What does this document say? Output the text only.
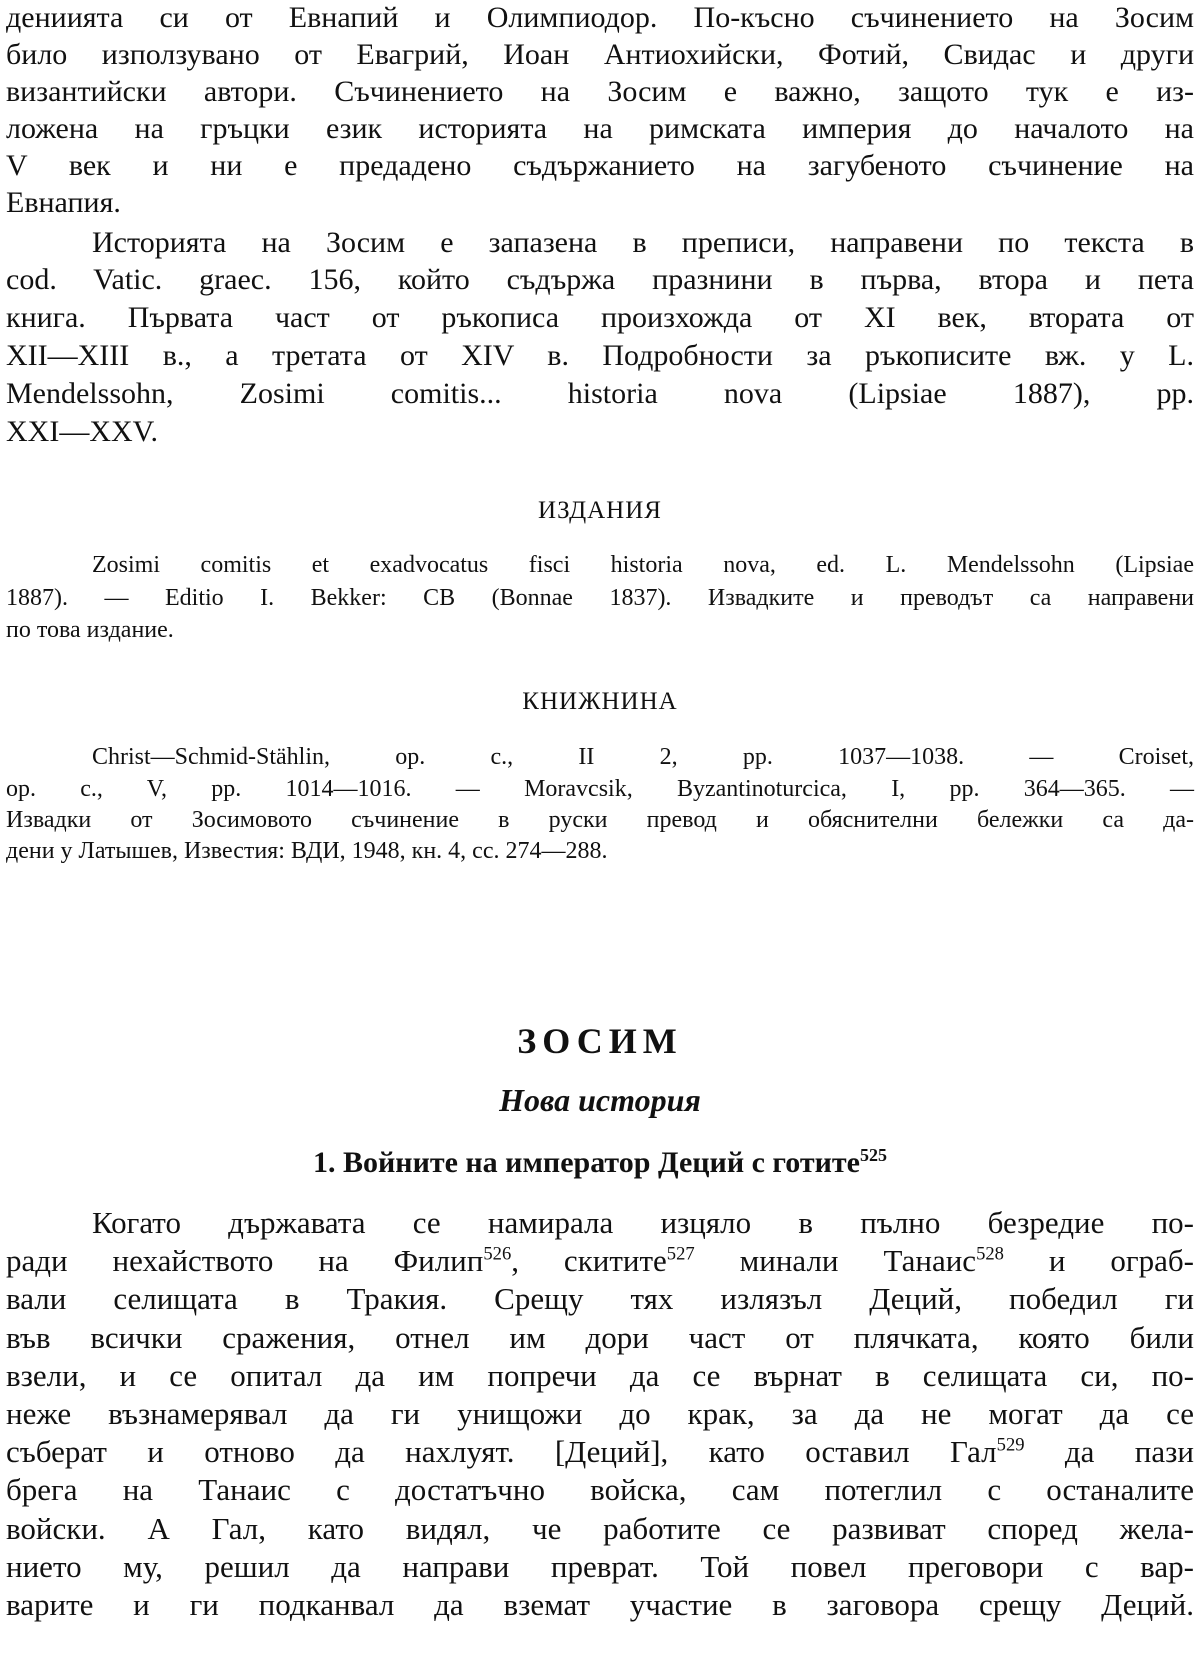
дениията си от Евнапий и Олимпиодор. По-късно съчинението на Зосим
било използувано от Евагрий, Иоан Антиохийски, Фотий, Свидас и други
византийски автори. Съчинението на Зосим е важно, защото тук е из-
ложена на гръцки език историята на римската империя до началото на
V век и ни е предадено съдържанието на загубеното съчинение на
Евнапия.
Историята на Зосим е запазена в преписи, направени по текста в
cod. Vatic. graec. 156, който съдържа празнини в първа, втора и пета
книга. Първата част от ръкописа произхожда от XI век, втората от
XII—XIII в., а третата от XIV в. Подробности за ръкописите вж. у L.
Mendelssohn, Zosimi comitis... historia nova (Lipsiae 1887), pp.
XXI—XXV.
ИЗДАНИЯ
Zosimi comitis et exadvocatus fisci historia nova, ed. L. Mendelssohn (Lipsiae
1887). — Editio I. Bekker: CB (Bonnae 1837). Извадките и преводът са направени
по това издание.
КНИЖНИНА
Christ—Schmid-Stählin, op. c., II 2, pp. 1037—1038. — Croiset,
op. c., V, pp. 1014—1016. — Moravcsik, Byzantinoturcica, I, pp. 364—365. —
Извадки от Зосимовото съчинение в руски превод и обяснителни бележки са да-
дени у Латышев, Известия: ВДИ, 1948, кн. 4, сс. 274—288.
ЗОСИМ
Нова история
1. Войните на император Деций с готите$^{525}$
Когато държавата се намирала изцяло в пълно безредие по-
ради нехайството на Филип$^{526}$, скитите$^{527}$ минали Танаис$^{528}$ и ограб-
вали селищата в Тракия. Срещу тях излязъл Деций, победил ги
във всички сражения, отнел им дори част от плячката, която били
взели, и се опитал да им попречи да се върнат в селищата си, по-
неже възнамерявал да ги унищожи до крак, за да не могат да се
съберат и отново да нахлуят. [Деций], като оставил Гал$^{529}$ да пази
брега на Танаис с достатъчно войска, сам потеглил с останалите
войски. А Гал, като видял, че работите се развиват според жела-
нието му, решил да направи преврат. Той повел преговори с вар-
варите и ги подканвал да вземат участие в заговора срещу Деций.
